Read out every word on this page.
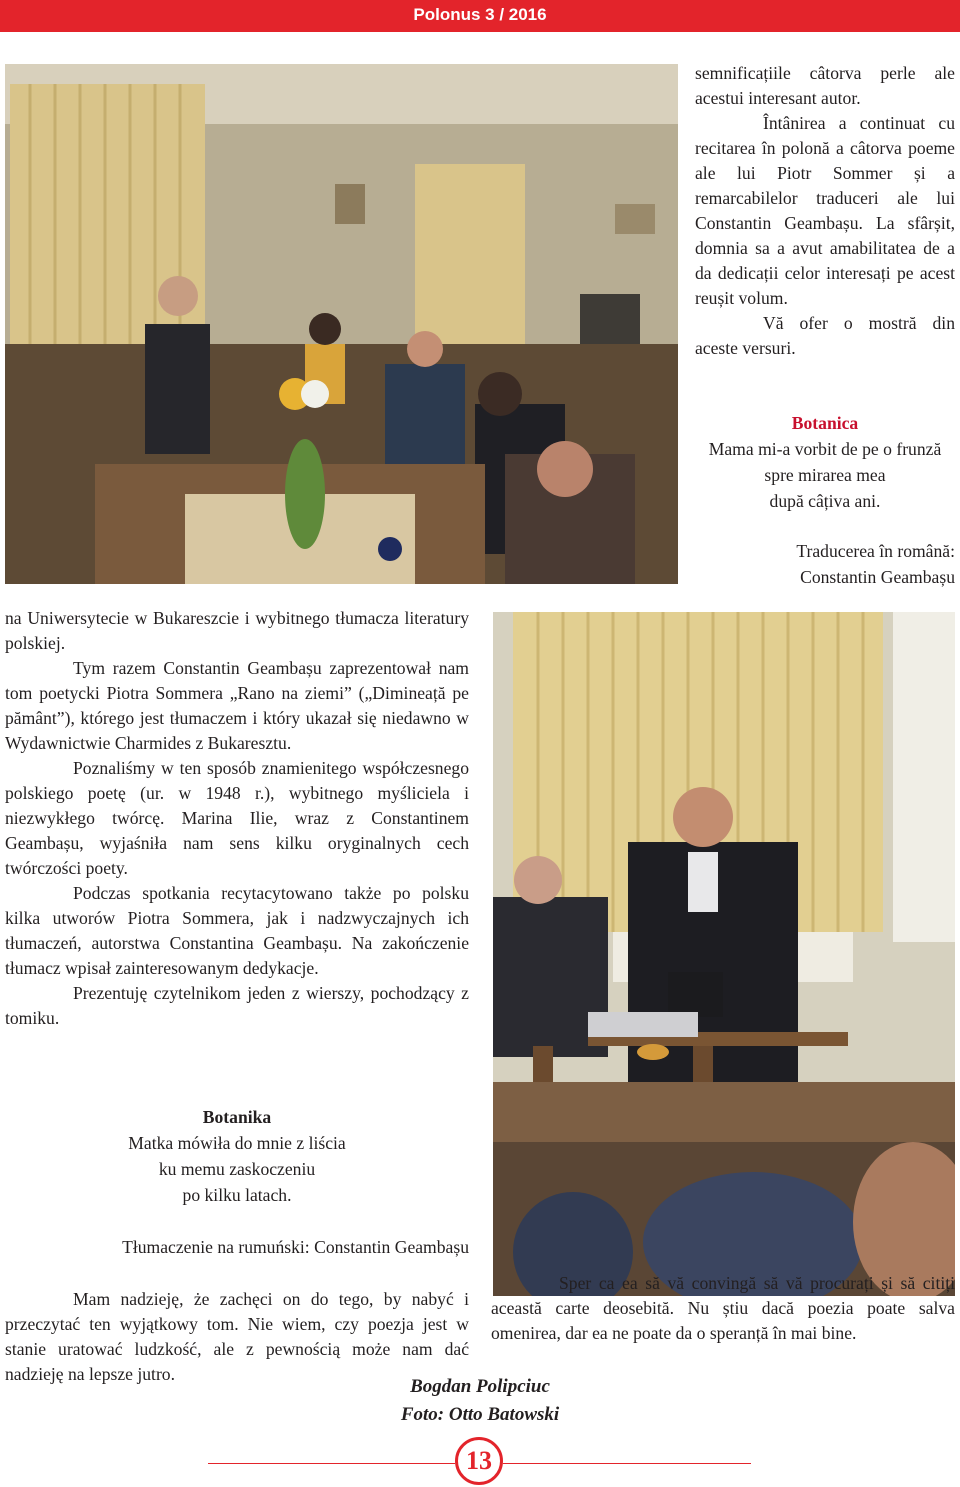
Polonus 3 / 2016

semnificațiile câtorva perle ale acestui interesant autor.

Întânirea a continuat cu recitarea în polonă a câtorva poeme ale lui Piotr Sommer și a remarcabilelor traduceri ale lui Constantin Geambașu. La sfârșit, domnia sa a avut amabilitatea de a da dedicații celor interesați pe acest reușit volum.

Vă ofer o mostră din aceste versuri.

Botanica
Mama mi-a vorbit de pe o frunză
spre mirarea mea
după câțiva ani.
Traducerea în română:
Constantin Geambașu

na Uniwersytecie w Bukareszcie i wybitnego tłumacza literatury polskiej.

Tym razem Constantin Geambașu zaprezentował nam tom poetycki Piotra Sommera „Rano na ziemi” („Dimineață pe pământ”), którego jest tłumaczem i który ukazał się niedawno w Wydawnictwie Charmides z Bukaresztu.

Poznaliśmy w ten sposób znamienitego współczesnego polskiego poetę (ur. w 1948 r.), wybitnego myśliciela i niezwykłego twórcę. Marina Ilie, wraz z Constantinem Geambașu, wyjaśniła nam sens kilku oryginalnych cech twórczości poety.

Podczas spotkania recytacytowano także po polsku kilka utworów Piotra Sommera, jak i nadzwyczajnych ich tłumaczeń, autorstwa Constantina Geambașu. Na zakończenie tłumacz wpisał zainteresowanym dedykacje.

Prezentuję czytelnikom jeden z wierszy, pochodzący z tomiku.

Botanika
Matka mówiła do mnie z liścia
ku memu zaskoczeniu
po kilku latach.
Tłumaczenie na rumuński: Constantin Geambașu

Mam nadzieję, że zachęci on do tego, by nabyć i przeczytać ten wyjątkowy tom. Nie wiem, czy poezja jest w stanie uratować ludzkość, ale z pewnością może nam dać nadzieję na lepsze jutro.

Sper ca ea să vă convingă să vă procurați și să citiți această carte deosebită. Nu știu dacă poezia poate salva omenirea, dar ea ne poate da o speranță în mai bine.

Bogdan Polipciuc
Foto: Otto Batowski
13
